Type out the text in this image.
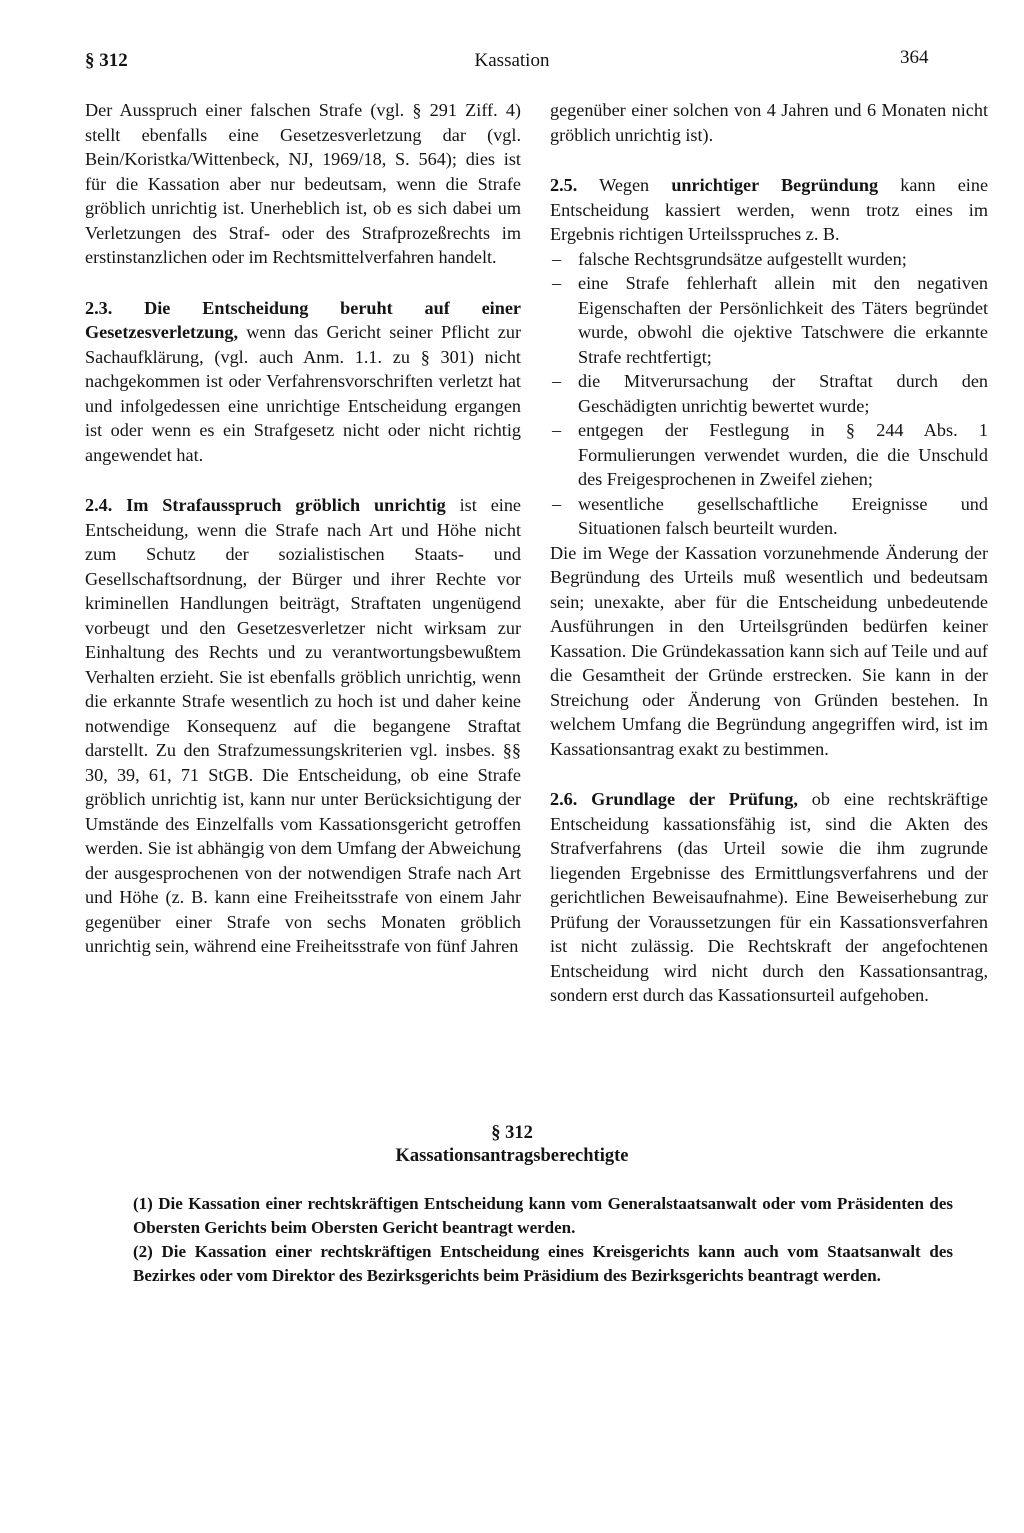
§ 312	Kassation	364

Der Ausspruch einer falschen Strafe (vgl. § 291 Ziff. 4) stellt ebenfalls eine Gesetzesverletzung dar (vgl. Bein/Koristka/Wittenbeck, NJ, 1969/18, S. 564); dies ist für die Kassation aber nur bedeutsam, wenn die Strafe gröblich unrichtig ist. Unerheblich ist, ob es sich dabei um Verletzungen des Straf- oder des Strafprozeßrechts im erstinstanzlichen oder im Rechtsmittelverfahren handelt.

2.3. Die Entscheidung beruht auf einer Gesetzesverletzung, wenn das Gericht seiner Pflicht zur Sachaufklärung, (vgl. auch Anm. 1.1. zu § 301) nicht nachgekommen ist oder Verfahrensvorschriften verletzt hat und infolgedessen eine unrichtige Entscheidung ergangen ist oder wenn es ein Strafgesetz nicht oder nicht richtig angewendet hat.

2.4. Im Strafausspruch gröblich unrichtig ist eine Entscheidung, wenn die Strafe nach Art und Höhe nicht zum Schutz der sozialistischen Staats- und Gesellschaftsordnung, der Bürger und ihrer Rechte vor kriminellen Handlungen beiträgt, Straftaten ungenügend vorbeugt und den Gesetzesverletzer nicht wirksam zur Einhaltung des Rechts und zu verantwortungsbewußtem Verhalten erzieht. Sie ist ebenfalls gröblich unrichtig, wenn die erkannte Strafe wesentlich zu hoch ist und daher keine notwendige Konsequenz auf die begangene Straftat darstellt. Zu den Strafzumessungskriterien vgl. insbes. §§ 30, 39, 61, 71 StGB. Die Entscheidung, ob eine Strafe gröblich unrichtig ist, kann nur unter Berücksichtigung der Umstände des Einzelfalls vom Kassationsgericht getroffen werden. Sie ist abhängig von dem Umfang der Abweichung der ausgesprochenen von der notwendigen Strafe nach Art und Höhe (z. B. kann eine Freiheitsstrafe von einem Jahr gegenüber einer Strafe von sechs Monaten gröblich unrichtig sein, während eine Freiheitsstrafe von fünf Jahren

gegenüber einer solchen von 4 Jahren und 6 Monaten nicht gröblich unrichtig ist).

2.5. Wegen unrichtiger Begründung kann eine Entscheidung kassiert werden, wenn trotz eines im Ergebnis richtigen Urteilsspruches z. B.

– falsche Rechtsgrundsätze aufgestellt wurden;
– eine Strafe fehlerhaft allein mit den negativen Eigenschaften der Persönlichkeit des Täters begründet wurde, obwohl die ojektive Tatschwere die erkannte Strafe rechtfertigt;
– die Mitverursachung der Straftat durch den Geschädigten unrichtig bewertet wurde;
– entgegen der Festlegung in § 244 Abs. 1 Formulierungen verwendet wurden, die die Unschuld des Freigesprochenen in Zweifel ziehen;
– wesentliche gesellschaftliche Ereignisse und Situationen falsch beurteilt wurden.

Die im Wege der Kassation vorzunehmende Änderung der Begründung des Urteils muß wesentlich und bedeutsam sein; unexakte, aber für die Entscheidung unbedeutende Ausführungen in den Urteilsgründen bedürfen keiner Kassation. Die Gründekassation kann sich auf Teile und auf die Gesamtheit der Gründe erstrecken. Sie kann in der Streichung oder Änderung von Gründen bestehen. In welchem Umfang die Begründung angegriffen wird, ist im Kassationsantrag exakt zu bestimmen.

2.6. Grundlage der Prüfung, ob eine rechtskräftige Entscheidung kassationsfähig ist, sind die Akten des Strafverfahrens (das Urteil sowie die ihm zugrunde liegenden Ergebnisse des Ermittlungsverfahrens und der gerichtlichen Beweisaufnahme). Eine Beweiserhebung zur Prüfung der Voraussetzungen für ein Kassationsverfahren ist nicht zulässig. Die Rechtskraft der angefochtenen Entscheidung wird nicht durch den Kassationsantrag, sondern erst durch das Kassationsurteil aufgehoben.

§ 312
Kassationsantragsberechtigte

(1) Die Kassation einer rechtskräftigen Entscheidung kann vom Generalstaatsanwalt oder vom Präsidenten des Obersten Gerichts beim Obersten Gericht beantragt werden.

(2) Die Kassation einer rechtskräftigen Entscheidung eines Kreisgerichts kann auch vom Staatsanwalt des Bezirkes oder vom Direktor des Bezirksgerichts beim Präsidium des Bezirksgerichts beantragt werden.
